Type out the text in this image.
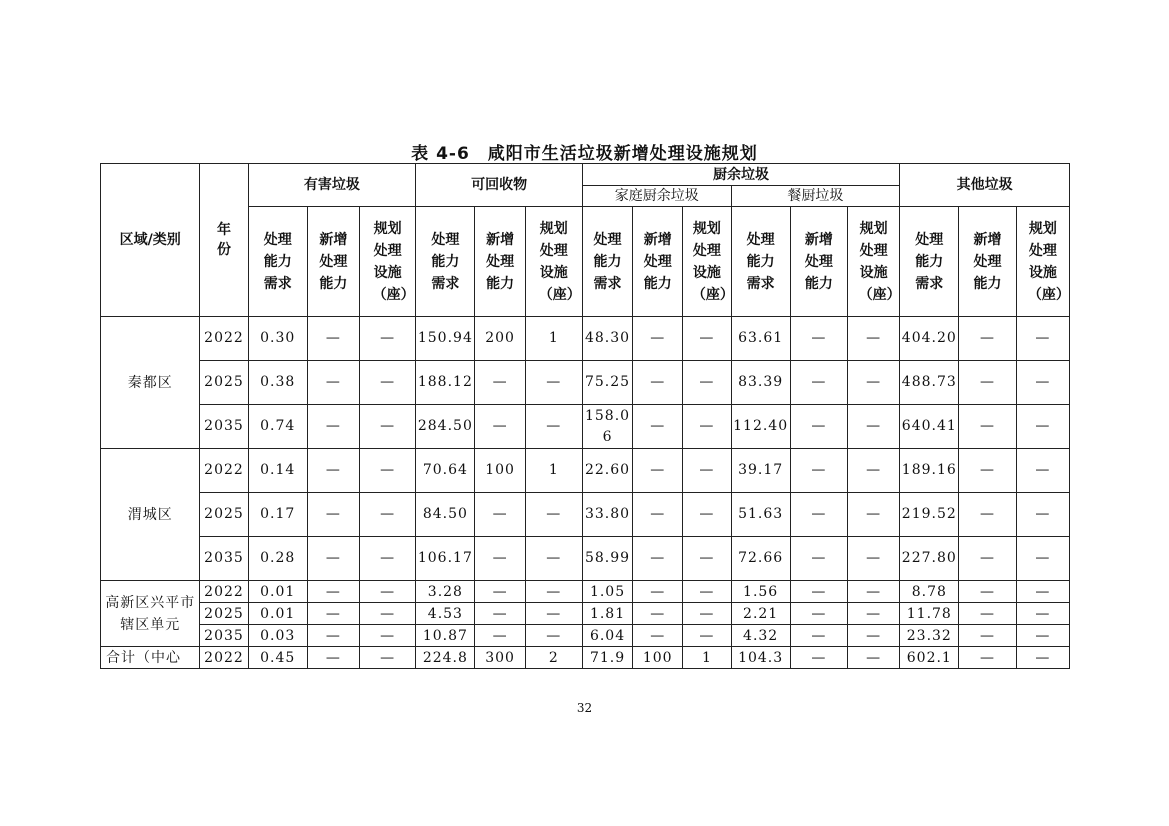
表 4-6　咸阳市生活垃圾新增处理设施规划
区域/类别	年份	有害垃圾			可回收物			厨余垃圾						其他垃圾		
								家庭厨余垃圾			餐厨垃圾					
		处理能力需求	新增处理能力	规划处理设施（座）	处理能力需求	新增处理能力	规划处理设施（座）	处理能力需求	新增处理能力	规划处理设施（座）	处理能力需求	新增处理能力	规划处理设施（座）	处理能力需求	新增处理能力	规划处理设施（座）
秦都区	2022	0.30	—	—	150.94	200	1	48.30	—	—	63.61	—	—	404.20	—	—
	2025	0.38	—	—	188.12	—	—	75.25	—	—	83.39	—	—	488.73	—	—
	2035	0.74	—	—	284.50	—	—	158.06	—	—	112.40	—	—	640.41	—	—
渭城区	2022	0.14	—	—	70.64	100	1	22.60	—	—	39.17	—	—	189.16	—	—
	2025	0.17	—	—	84.50	—	—	33.80	—	—	51.63	—	—	219.52	—	—
	2035	0.28	—	—	106.17	—	—	58.99	—	—	72.66	—	—	227.80	—	—
高新区兴平市辖区单元	2022	0.01	—	—	3.28	—	—	1.05	—	—	1.56	—	—	8.78	—	—
	2025	0.01	—	—	4.53	—	—	1.81	—	—	2.21	—	—	11.78	—	—
	2035	0.03	—	—	10.87	—	—	6.04	—	—	4.32	—	—	23.32	—	—
合计（中心	2022	0.45	—	—	224.8	300	2	71.9	100	1	104.3	—	—	602.1	—	—
32
